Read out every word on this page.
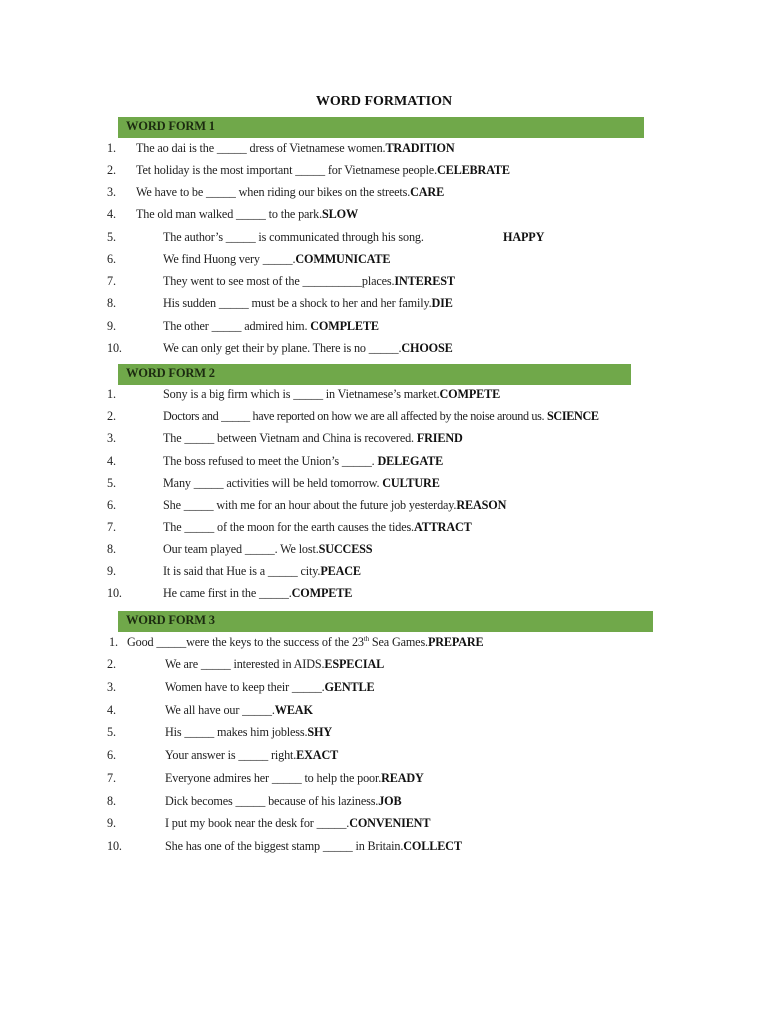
WORD FORMATION
WORD FORM 1
1. The ao dai is the _____ dress of Vietnamese women.TRADITION
2. Tet holiday is the most important _____ for Vietnamese people.CELEBRATE
3. We have to be _____ when riding our bikes on the streets.CARE
4. The old man walked _____ to the park.SLOW
5.	The author’s _____ is communicated through his song.	HAPPY
6.	We find Huong very _____.COMMUNICATE
7.	They went to see most of the __________places.INTEREST
8.	His sudden _____ must be a shock to her and her family.DIE
9.	The other _____ admired him. COMPLETE
10.	We can only get their by plane. There is no _____.CHOOSE
WORD FORM 2
1.	Sony is a big firm which is _____ in Vietnamese’s market.COMPETE
2.	Doctors and _____ have reported on how we are all affected by the noise around us. SCIENCE
3.	The _____ between Vietnam and China is recovered. FRIEND
4.	The boss refused to meet the Union’s _____. DELEGATE
5.	Many _____ activities will be held tomorrow. CULTURE
6.	She _____ with me for an hour about the future job yesterday.REASON
7.	The _____ of the moon for the earth causes the tides.ATTRACT
8.	Our team played _____. We lost.SUCCESS
9.	It is said that Hue is a _____ city.PEACE
10.	He came first in the _____.COMPETE
WORD FORM 3
1. Good _____were the keys to the success of the 23th Sea Games.PREPARE
2.	We are _____ interested in AIDS.ESPECIAL
3.	Women have to keep their _____.GENTLE
4.	We all have our _____.WEAK
5.	His _____ makes him jobless.SHY
6.	Your answer is _____ right.EXACT
7.	Everyone admires her _____ to help the poor.READY
8.	Dick becomes _____ because of his laziness.JOB
9.	I put my book near the desk for _____.CONVENIENT
10.	She has one of the biggest stamp _____ in Britain.COLLECT
